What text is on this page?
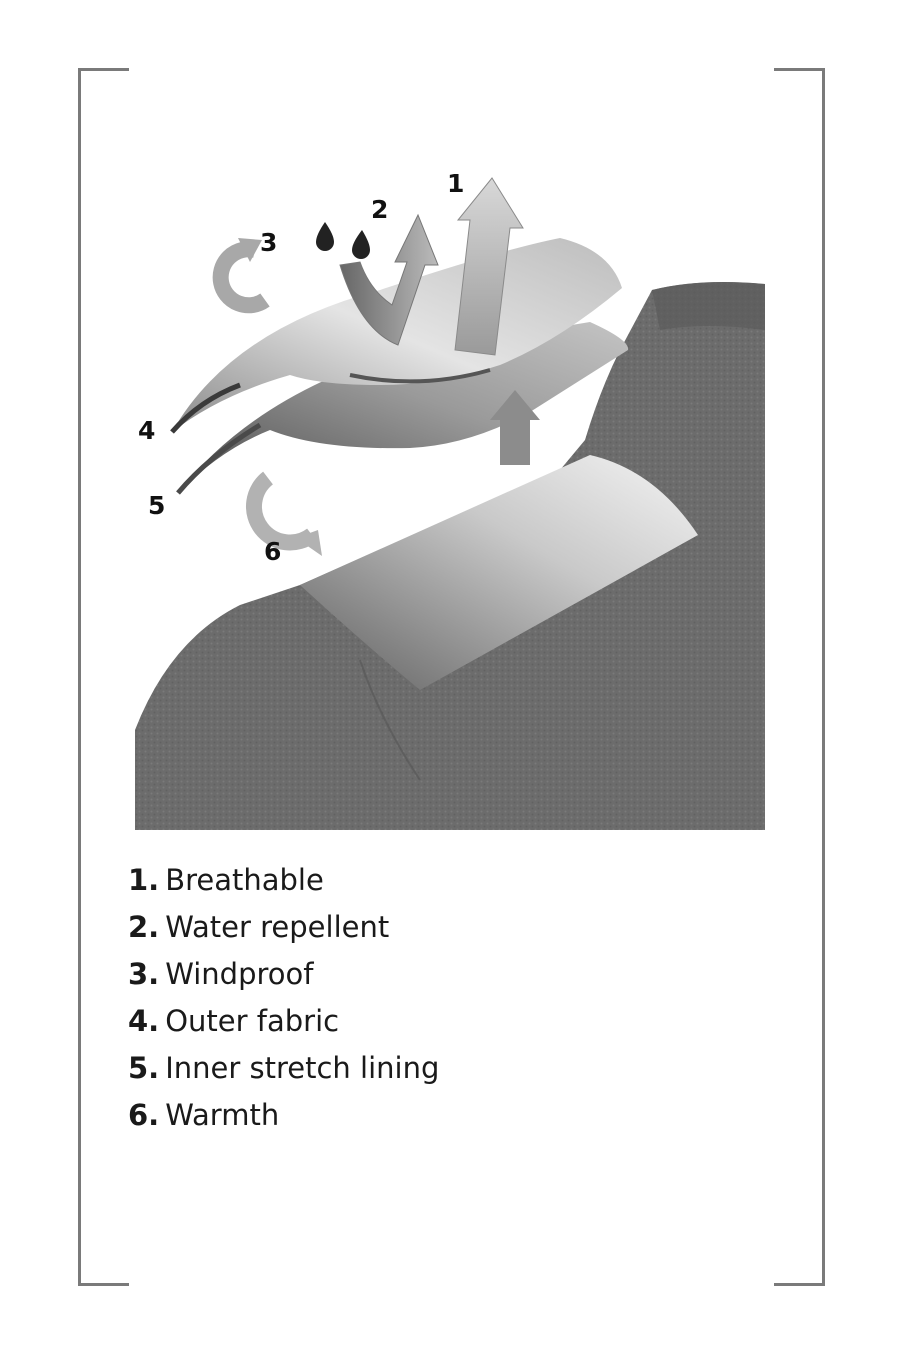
1
2
3
4
5
6
1. Breathable
2. Water repellent
3. Windproof
4. Outer fabric
5. Inner stretch lining
6. Warmth
